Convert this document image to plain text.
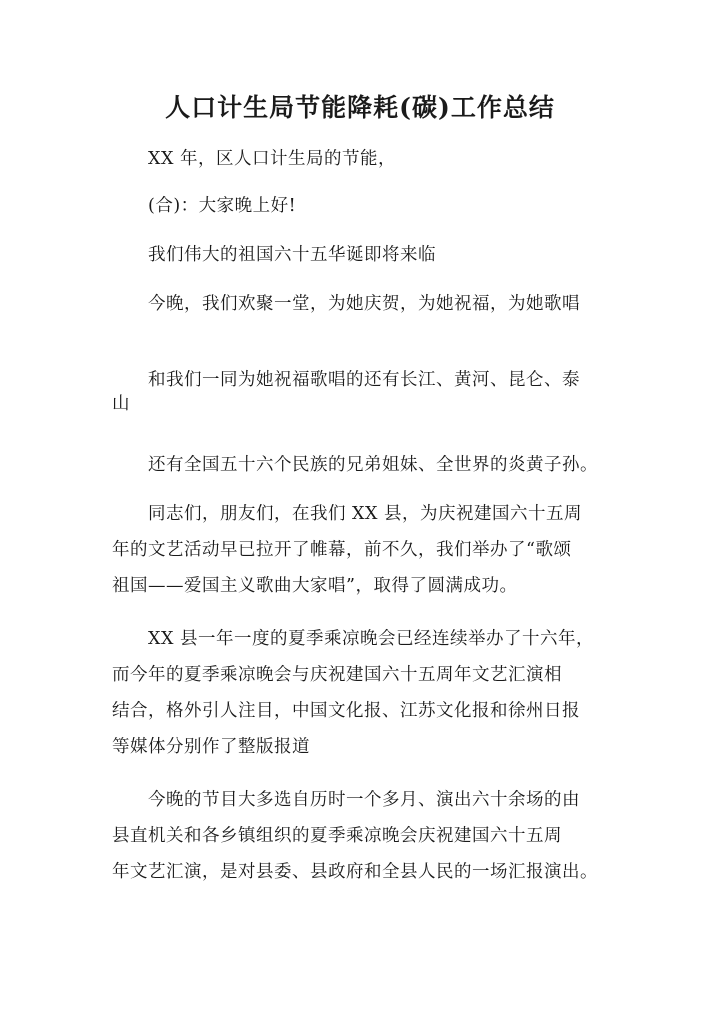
人口计生局节能降耗(碳)工作总结

XX 年，区人口计生局的节能，

(合)：大家晚上好!

我们伟大的祖国六十五华诞即将来临

今晚，我们欢聚一堂，为她庆贺，为她祝福，为她歌唱

和我们一同为她祝福歌唱的还有长江、黄河、昆仑、泰
山

还有全国五十六个民族的兄弟姐妹、全世界的炎黄子孙。

同志们，朋友们，在我们 XX 县，为庆祝建国六十五周
年的文艺活动早已拉开了帷幕，前不久，我们举办了“歌颂
祖国——爱国主义歌曲大家唱”，取得了圆满成功。

XX 县一年一度的夏季乘凉晚会已经连续举办了十六年，
而今年的夏季乘凉晚会与庆祝建国六十五周年文艺汇演相
结合，格外引人注目，中国文化报、江苏文化报和徐州日报
等媒体分别作了整版报道

今晚的节目大多选自历时一个多月、演出六十余场的由
县直机关和各乡镇组织的夏季乘凉晚会庆祝建国六十五周
年文艺汇演，是对县委、县政府和全县人民的一场汇报演出。
